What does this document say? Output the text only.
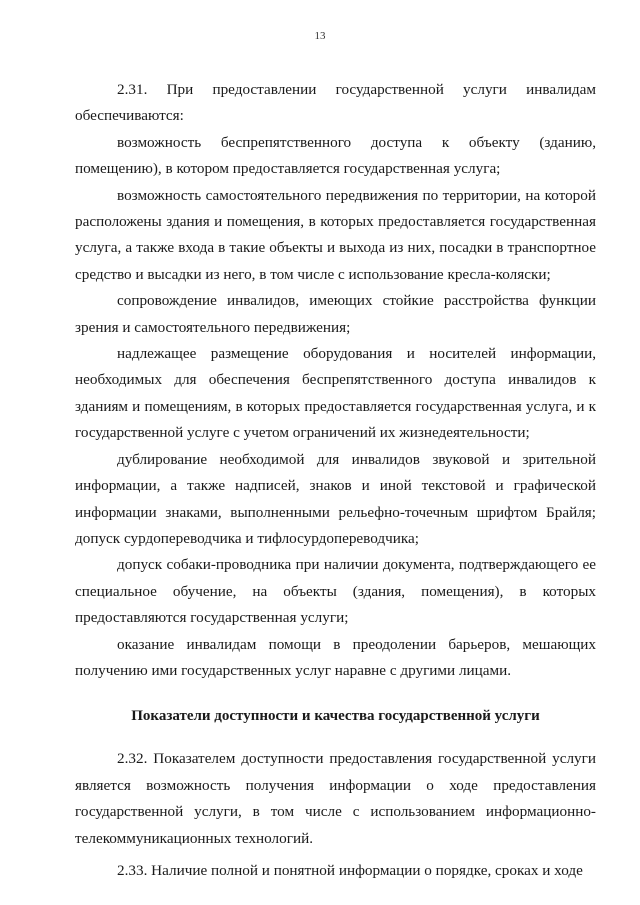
13

2.31. При предоставлении государственной услуги инвалидам обеспечиваются:

возможность беспрепятственного доступа к объекту (зданию, помещению), в котором предоставляется государственная услуга;

возможность самостоятельного передвижения по территории, на которой расположены здания и помещения, в которых предоставляется государственная услуга, а также входа в такие объекты и выхода из них, посадки в транспортное средство и высадки из него, в том числе с использование кресла-коляски;

сопровождение инвалидов, имеющих стойкие расстройства функции зрения и самостоятельного передвижения;

надлежащее размещение оборудования и носителей информации, необходимых для обеспечения беспрепятственного доступа инвалидов к зданиям и помещениям, в которых предоставляется государственная услуга, и к государственной услуге с учетом ограничений их жизнедеятельности;

дублирование необходимой для инвалидов звуковой и зрительной информации, а также надписей, знаков и иной текстовой и графической информации знаками, выполненными рельефно-точечным шрифтом Брайля; допуск сурдопереводчика и тифлосурдопереводчика;

допуск собаки-проводника при наличии документа, подтверждающего ее специальное обучение, на объекты (здания, помещения), в которых предоставляются государственная услуги;

оказание инвалидам помощи в преодолении барьеров, мешающих получению ими государственных услуг наравне с другими лицами.

Показатели доступности и качества государственной услуги

2.32. Показателем доступности предоставления государственной услуги является возможность получения информации о ходе предоставления государственной услуги, в том числе с использованием информационно-телекоммуникационных технологий.

2.33. Наличие полной и понятной информации о порядке, сроках и ходе
